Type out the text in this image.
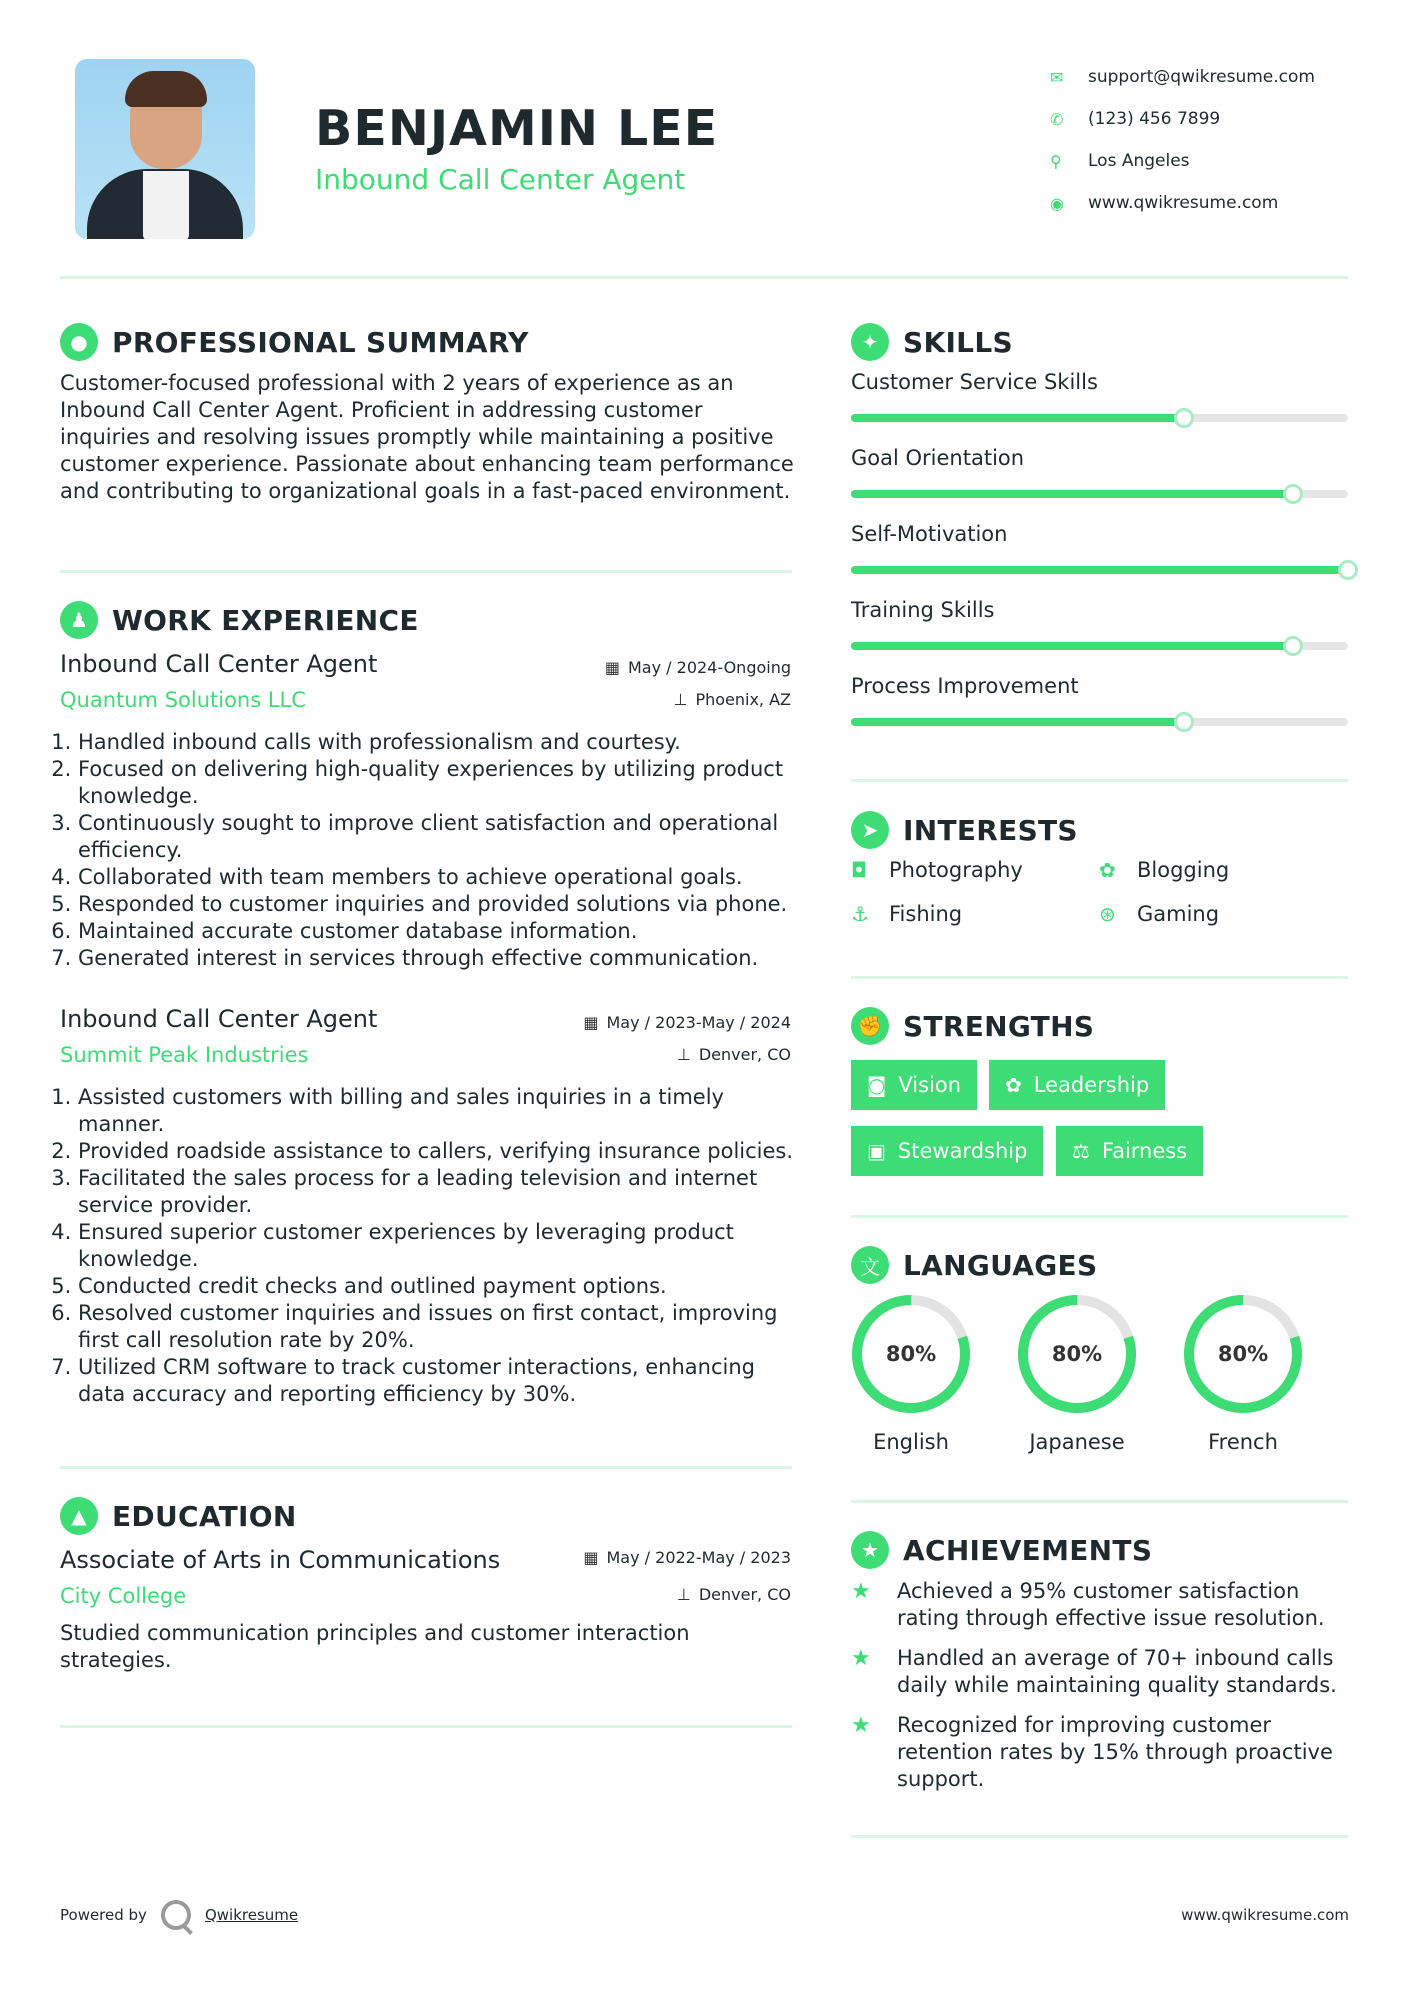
BENJAMIN LEE
Inbound Call Center Agent
✉	support@qwikresume.com
✆	(123) 456 7899
⚲	Los Angeles
◉	www.qwikresume.com
● PROFESSIONAL SUMMARY
Customer-focused professional with 2 years of experience as an Inbound Call Center Agent. Proficient in addressing customer inquiries and resolving issues promptly while maintaining a positive customer experience. Passionate about enhancing team performance and contributing to organizational goals in a fast-paced environment.
♟ WORK EXPERIENCE
Inbound Call Center Agent	▦ May / 2024-Ongoing
Quantum Solutions LLC	⊥ Phoenix, AZ
1. Handled inbound calls with professionalism and courtesy.
2. Focused on delivering high-quality experiences by utilizing product knowledge.
3. Continuously sought to improve client satisfaction and operational efficiency.
4. Collaborated with team members to achieve operational goals.
5. Responded to customer inquiries and provided solutions via phone.
6. Maintained accurate customer database information.
7. Generated interest in services through effective communication.
Inbound Call Center Agent	▦ May / 2023-May / 2024
Summit Peak Industries	⊥ Denver, CO
1. Assisted customers with billing and sales inquiries in a timely manner.
2. Provided roadside assistance to callers, verifying insurance policies.
3. Facilitated the sales process for a leading television and internet service provider.
4. Ensured superior customer experiences by leveraging product knowledge.
5. Conducted credit checks and outlined payment options.
6. Resolved customer inquiries and issues on first contact, improving first call resolution rate by 20%.
7. Utilized CRM software to track customer interactions, enhancing data accuracy and reporting efficiency by 30%.
▲ EDUCATION
Associate of Arts in Communications	▦ May / 2022-May / 2023
City College	⊥ Denver, CO
Studied communication principles and customer interaction strategies.
✦ SKILLS
Customer Service Skills
Goal Orientation
Self-Motivation
Training Skills
Process Improvement
➤ INTERESTS
◘	Photography	✿	Blogging
⚓ Fishing	⊛	Gaming
✊ STRENGTHS
◙ Vision ✿ Leadership
▣ Stewardship ⚖ Fairness
文 LANGUAGES
80%
English
80%
Japanese
80%
French
★ ACHIEVEMENTS
★	Achieved a 95% customer satisfaction rating through effective issue resolution.
★	Handled an average of 70+ inbound calls daily while maintaining quality standards.
★	Recognized for improving customer retention rates by 15% through proactive support.
Powered by	Qwikresume	www.qwikresume.com
